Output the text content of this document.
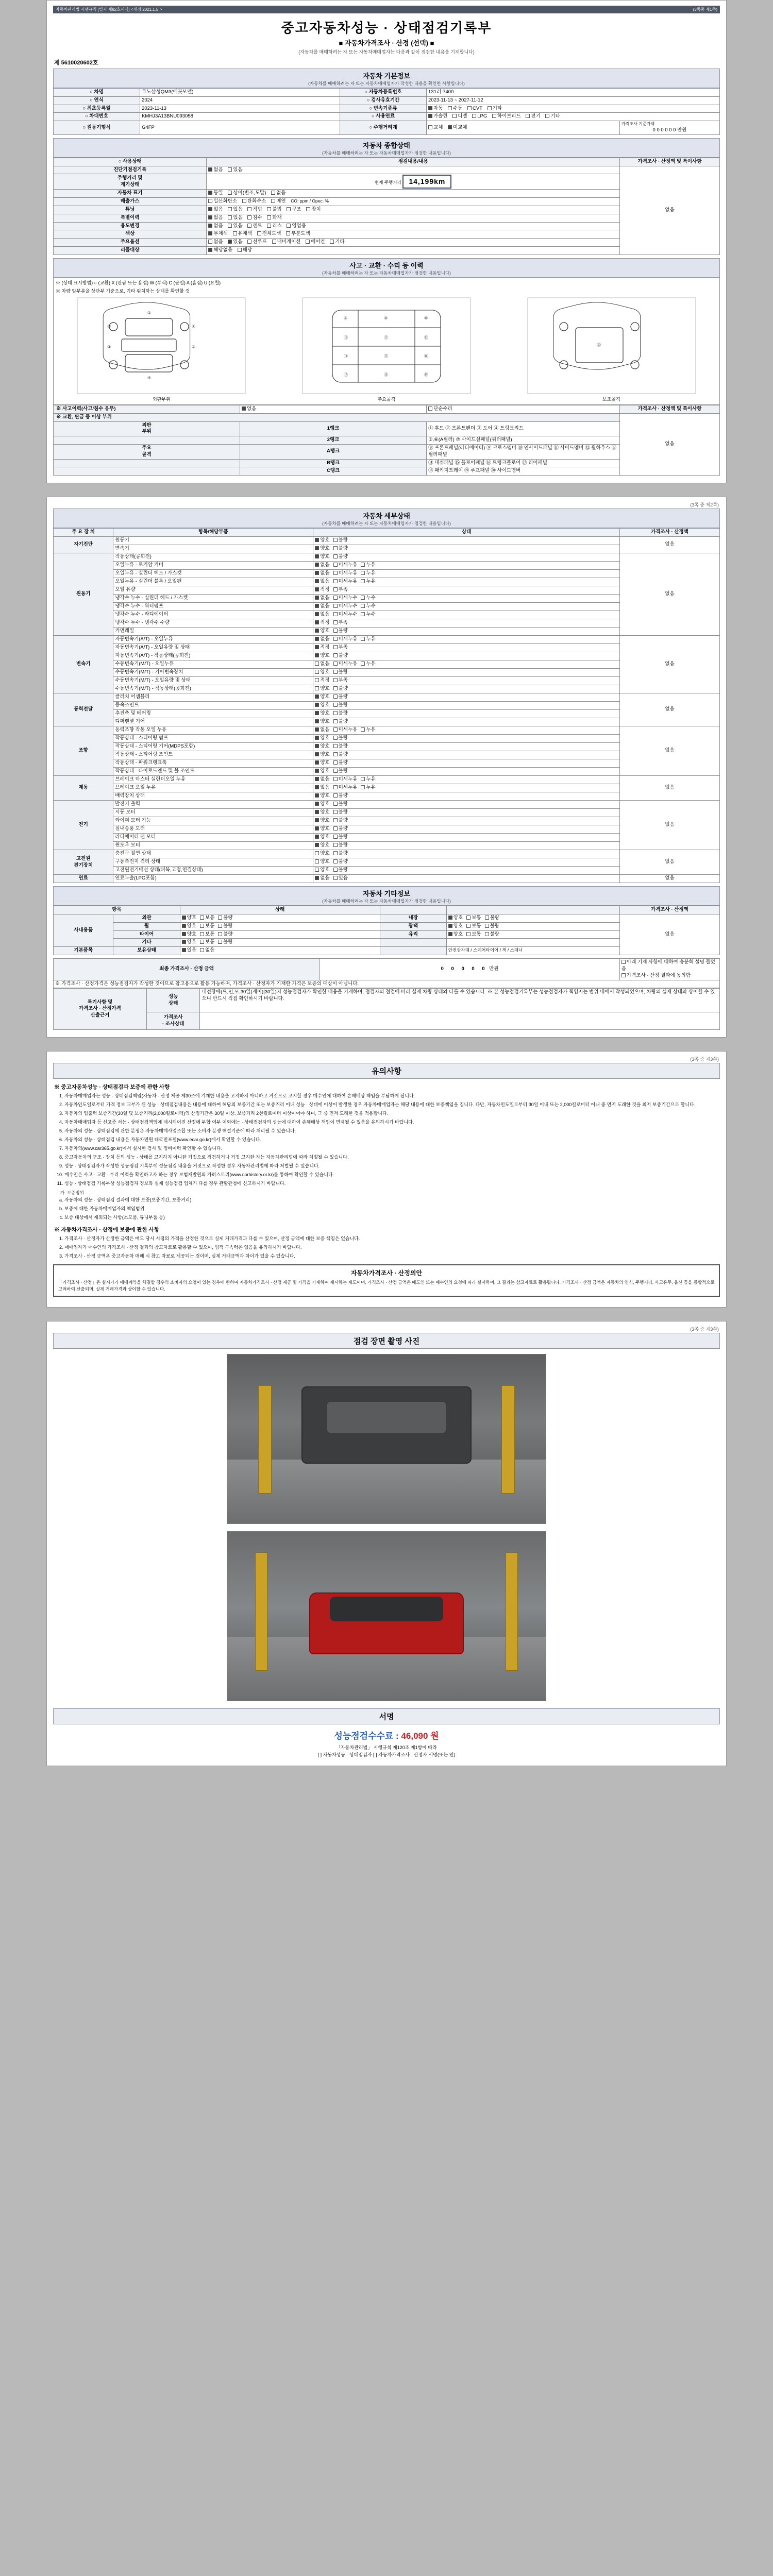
자동차관리법 시행규칙 [별지 제82호서식] <개정 2021.1.5.>	(3쪽중 제1쪽)
중고자동차성능 · 상태점검기록부
■ 자동차가격조사 · 산정 (선택) ■
(자동차를 매매하려는 자 또는 자동차매매업자는 다음과 같이 점검한 내용을 기재합니다)
제 5610020602호
자동차 기본정보
(자동차를 매매하려는 자 또는 자동차매매업자가 작성한 내용을 확인한 사항입니다)
○ 차명	르노삼성QM3(에봇모델)	○ 자동차등록번호	131러-7400	
○ 연식	2024	○ 검사유효기간	2023-11-13 ~ 2027-11-12	
○ 최초등록일	2023-11-13	○ 변속기종류	자동 수동 CVT 기타	
○ 차대번호	KMHJ3A13BNU093058	○ 사용연료	가솔린 디젤 LPG 하이브리드 전기 기타	
○ 원동기형식	G4FP	○ 주행거리계	교체 미교체	가격조사 기준가액
0 0 0 0 0 0 만원
자동차 종합상태
(자동차를 매매하려는 자 또는 자동차매매업자가 점검한 내용입니다)
○ 사용상태	점검내용/내용	가격조사 · 산정액 및 특이사항
진단기점검기록	없음 있음	없음
주행거리 및
계기상태	현재 주행거리 14,199km	
자동차 표기	동일 상이(변조,도말) 없음	
배출가스	일산화탄소 탄화수소 매연 CO: ppm / Opec: %	
튜닝	없음 있음 적법 불법 구조 장치	
특별이력	없음 있음 침수 화재	
용도변경	없음 있음 렌트 리스 영업용	
색상	무채색 유채색 전체도색 부분도색	
주요옵션	없음 있음 선루프 내비게이션 에어컨 기타	
리콜대상	해당없음 해당	
사고 · 교환 · 수리 등 이력
(자동차를 매매하려는 자 또는 자동차매매업자가 점검한 내용입니다)
※ (상태 표시방법) ○ (교환) X (판금 또는 용접) W (부식) C (균열) A (흠집) U (요철)
※ 차량 앞부분을 상단부 기준으로, 기타 위치하는 상태를 확인할 것
①
②	②
③	③
④
외판부위
⑧	⑨	⑩
⑪	⑫	⑬
⑭	⑮	⑯
⑰	⑱	⑲
주요골격
⑳
보조골격
※ 사고이력(사고/침수 유무)	없음	단순수리	가격조사 · 산정액 및 특이사항
※ 교환, 판금 등 이상 부위			없음
외판
부위	1랭크	① 후드 ② 프론트팬더 ③ 도어 ④ 트렁크리드	
	2랭크	⑤,⑥(A필러) ⑦ 사이드실패널(쿼터패널)	
주요
골격	A랭크	⑧ 프론트패널(라디에이터) ⑨ 크로스멤버 ⑩ 인사이드패널 ⑪ 사이드멤버 ⑫ 휠하우스 ⑬ 필러패널	
	B랭크	⑭ 대쉬패널 ⑮ 플로어패널 ⑯ 트렁크플로어 ⑰ 리어패널	
	C랭크	⑱ 패키지트레이 ⑲ 루프패널 ⑳ 사이드멤버	
(3쪽 중 제2쪽)
자동차 세부상태
(자동차를 매매하려는 자 또는 자동차매매업자가 점검한 내용입니다)
주 요 장 치	항목/해당부품	상태	가격조사 · 산정액
자기진단	원동기	양호 불량	없음
	변속기	양호 불량	
원동기	작동상태(공회전)	양호 불량	없음
	오일누유 - 로커암 커버	없음 미세누유 누유	
	오일누유 - 실린더 헤드 / 가스켓	없음 미세누유 누유	
	오일누유 - 실린더 블록 / 오일팬	없음 미세누유 누유	
	오일 유량	적정 부족	
	냉각수 누수 - 실린더 헤드 / 가스켓	없음 미세누수 누수	
	냉각수 누수 - 워터펌프	없음 미세누수 누수	
	냉각수 누수 - 라디에이터	없음 미세누수 누수	
	냉각수 누수 - 냉각수 수량	적정 부족	
	커먼레일	양호 불량	
변속기	자동변속기(A/T) - 오일누유	없음 미세누유 누유	없음
	자동변속기(A/T) - 오일유량 및 상태	적정 부족	
	자동변속기(A/T) - 작동상태(공회전)	양호 불량	
	수동변속기(M/T) - 오일누유	없음 미세누유 누유	
	수동변속기(M/T) - 기어변속장치	양호 불량	
	수동변속기(M/T) - 오일유량 및 상태	적정 부족	
	수동변속기(M/T) - 작동상태(공회전)	양호 불량	
동력전달	클러치 어셈블리	양호 불량	없음
	등속조인트	양호 불량	
	추진축 및 베어링	양호 불량	
	디퍼렌셜 기어	양호 불량	
조향	동력조향 작동 오일 누유	없음 미세누유 누유	없음
	작동상태 - 스티어링 펌프	양호 불량	
	작동상태 - 스티어링 기어(MDPS포함)	양호 불량	
	작동상태 - 스티어링 조인트	양호 불량	
	작동상태 - 파워크랭크축	양호 불량	
	작동상태 - 타이로드엔드 및 볼 조인트	양호 불량	
제동	브레이크 마스터 실린더오일 누유	없음 미세누유 누유	없음
	브레이크 오일 누유	없음 미세누유 누유	
	배력장치 상태	양호 불량	
전기	발전기 출력	양호 불량	없음
	시동 모터	양호 불량	
	와이퍼 모터 기능	양호 불량	
	실내송풍 모터	양호 불량	
	라디에이터 팬 모터	양호 불량	
	윈도우 모터	양호 불량	
고전원
전기장치	충전구 절연 상태	양호 불량	없음
	구동축전지 격리 상태	양호 불량	
	고전원전기배선 상태(피복,고정,연결상태)	양호 불량	
연료	연료누출(LPG포함)	없음 있음	없음
자동차 기타정보
(자동차를 매매하려는 자 또는 자동차매매업자가 점검한 내용입니다)
항목		상태			가격조사 · 산정액
사내용품	외관	양호 보통 불량	내장	양호 보통 불량	없음
	휠	양호 보통 불량	광택	양호 보통 불량	
	타이어	양호 보통 불량	유리	양호 보통 불량	
	기타	양호 보통 불량			
기본품목	보유상태	있음 없음		안전삼각대 / 스페어타이어 / 잭 / 스패너	
최종 가격조사 · 산정 금액	0 0 0 0 0 만원	
아래 기재 사항에 대하여 충분히 설명 들었음
가격조사 · 산정 결과에 동의함

※ 가격조사 · 산정가격은 성능점검자가 작성한 것이므로 참고용으로 활용 가능하며, 가격조사 · 산정자가 기재한 가격은 보증의 대상이 아닙니다.
특기사항 및
가격조사 · 산정가격
산출근거	성능
상태	내전장에(트,인,모,30일(제이)[30일)지 성능점검자가 확인한 내용을 기재하며, 점검자의 점검에 따라 실제 차량 상태와 다를 수 있습니다. ※ 본 성능점검기록부는 성능점검자가 책임지는 범위 내에서 작성되었으며, 차량의 실제 상태와 상이할 수 있으니 반드시 직접 확인하시기 바랍니다.
	가격조사
· 조사상태	
(3쪽 중 제3쪽)
유의사항
※ 중고자동차성능 · 상태점검과 보증에 관한 사항
1. 자동차매매업자는 성능 · 상태점검책임(자동차 · 산정 제공 제30조에 기재한 내용을 고지하지 아니하고 거짓으로 고지할 경우 매수인에 대하여 손해배상 책임을 부담하게 됩니다.
2. 자동차인도일로부터 가격 정보 교부가 된 성능 · 상태점검내용은 내용에 대하여 해당의 보증기간 또는 보증거리 이내 성능 · 상태에 이상이 발생한 경우 자동차매매업자는 해당 내용에 대한 보증책임을 집니다. 다만, 자동차인도일로부터 30일 이내 또는 2,000킬로미터 이내 중 먼저 도래한 것을 최저 보증기간으로 합니다.
3. 자동차의 입출력 보증기간(30일 및 보증거리(2,000킬로미터)의 산정기간은 30일 이상, 보증거리 2천킬로미터 이상이어야 하며, 그 중 먼저 도래한 것을 적용합니다.
4. 자동차매매업자 등 신고증 서는 · 상태점검책임에 제시되어진 산정에 부합 여부 이외에는 · 상태점검자의 성능에 대하여 손해배상 책임이 면제될 수 있음을 유의하시기 바랍니다.
5. 자동차의 성능 · 상태점검에 관한 분쟁은 자동차매매사업조합 또는 소비자 분쟁 해결기준에 따라 처리될 수 있습니다.
6. 자동차의 성능 · 상태점검 내용은 자동차민원 대국민포털(www.ecar.go.kr)에서 확인할 수 있습니다.
7. 자동차의(www.car365.go.kr)에서 실시한 검사 및 정비이력 확인할 수 있습니다.
8. 중고자동차의 구조 · 장치 등의 성능 · 상태를 고지하지 아니한 거짓으로 점검하거나 거짓 고지한 자는 자동차관리법에 따라 처벌될 수 있습니다.
9. 성능 · 상태점검자가 작성한 성능점검 기록부에 성능점검 내용을 거짓으로 작성한 경우 자동차관리법에 따라 처벌될 수 있습니다.
10. 매수인은 사고 · 교환 · 수리 이력을 확인하고자 하는 경우 보험개발원의 카히스토리(www.carhistory.or.kr)를 통하여 확인할 수 있습니다.
11. 성능 · 상태점검 기록부상 성능점검자 정보와 실제 성능점검 업체가 다를 경우 관할관청에 신고하시기 바랍니다.
가. 보증범위
a. 자동차의 성능 · 상태점검 결과에 대한 보증(보증기간, 보증거리)
b. 보증에 대한 자동차매매업자의 책임범위
c. 보증 대상에서 제외되는 사항(소모품, 튜닝부품 등)
※ 자동차가격조사 · 산정에 보증에 관한 사항
1. 가격조사 · 산정자가 산정한 금액은 매도 당시 시점의 가격을 산정한 것으로 실제 거래가격과 다를 수 있으며, 산정 금액에 대한 보증 책임은 없습니다.
2. 매매업자가 매수인의 가격조사 · 산정 결과의 참고자료로 활용할 수 있으며, 법적 구속력은 없음을 유의하시기 바랍니다.
3. 가격조사 · 산정 금액은 중고자동차 매매 시 참고 자료로 제공되는 것이며, 실제 거래금액과 차이가 있을 수 있습니다.
자동차가격조사 · 산정의안
「가격조사 · 산정」은 실시가가 매매계약을 체결할 경우의 소비자의 요청이 있는 경우에 한하여 자동차가격조사 · 산정 제공 및 가격을 기재하여 제시하는 제도이며, 가격조사 · 산정 금액은 매도인 또는 매수인의 요청에 따라 실시하며, 그 결과는 참고자료로 활용됩니다. 가격조사 · 산정 금액은 자동차의 연식, 주행거리, 사고유무, 옵션 등을 종합적으로 고려하여 산출되며, 실제 거래가격과 상이할 수 있습니다.
(3쪽 중 제3쪽)
점검 장면 촬영 사진
서명
성능점검수수료 : 46,090 원
「자동차관리법」 시행규칙 제120조 제1항에 따라
[ ] 자동차성능 · 상태점검자 [ ] 자동차가격조사 · 산정자 서명(또는 인)
